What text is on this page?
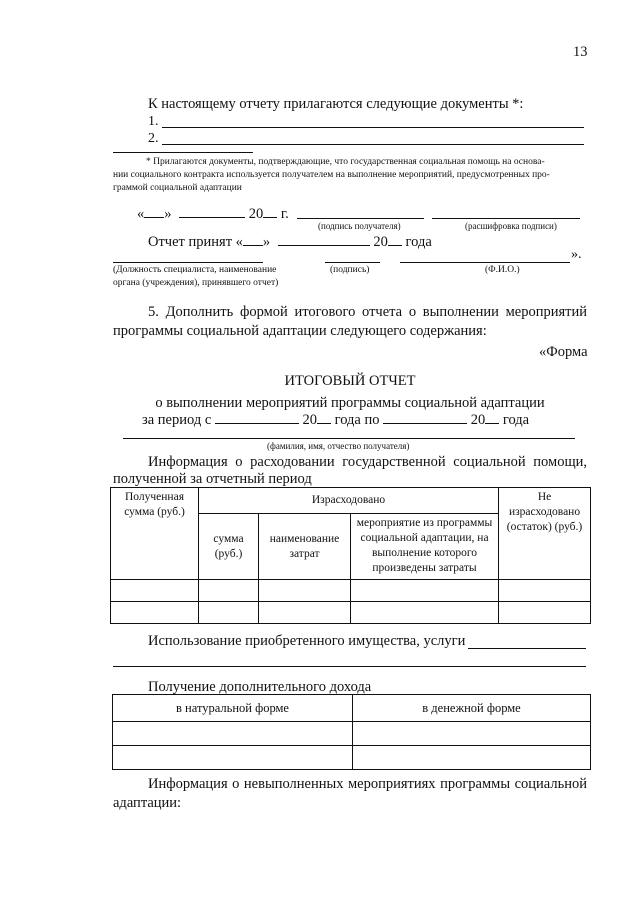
13
К настоящему отчету прилагаются следующие документы *:
1.
2.
* Прилагаются документы, подтверждающие, что государственная социальная помощь на основа-
нии социального контракта используется получателем на выполнение мероприятий, предусмотренных про-
граммой социальной адаптации
« »	20 г.
(подпись получателя)	(расшифровка подписи)
Отчет принят « »	20 года
».
(Должность специалиста, наименование
органа (учреждения), принявшего отчет)
(подпись)	(Ф.И.О.)
5. Дополнить формой итогового отчета о выполнении мероприятий
программы социальной адаптации следующего содержания:
«Форма
ИТОГОВЫЙ ОТЧЕТ
о выполнении мероприятий программы социальной адаптации
за период с	20 года по	20 года
(фамилия, имя, отчество получателя)
Информация о расходовании государственной социальной помощи,
полученной за отчетный период
Полученная сумма (руб.)	Израсходовано			Не израсходовано (остаток) (руб.)
	сумма (руб.)	наименование затрат	мероприятие из программы социальной адаптации, на выполнение которого произведены затраты	

Использование приобретенного имущества, услуги
Получение дополнительного дохода
в натуральной форме	в денежной форме

Информация о невыполненных мероприятиях программы социальной
адаптации:
